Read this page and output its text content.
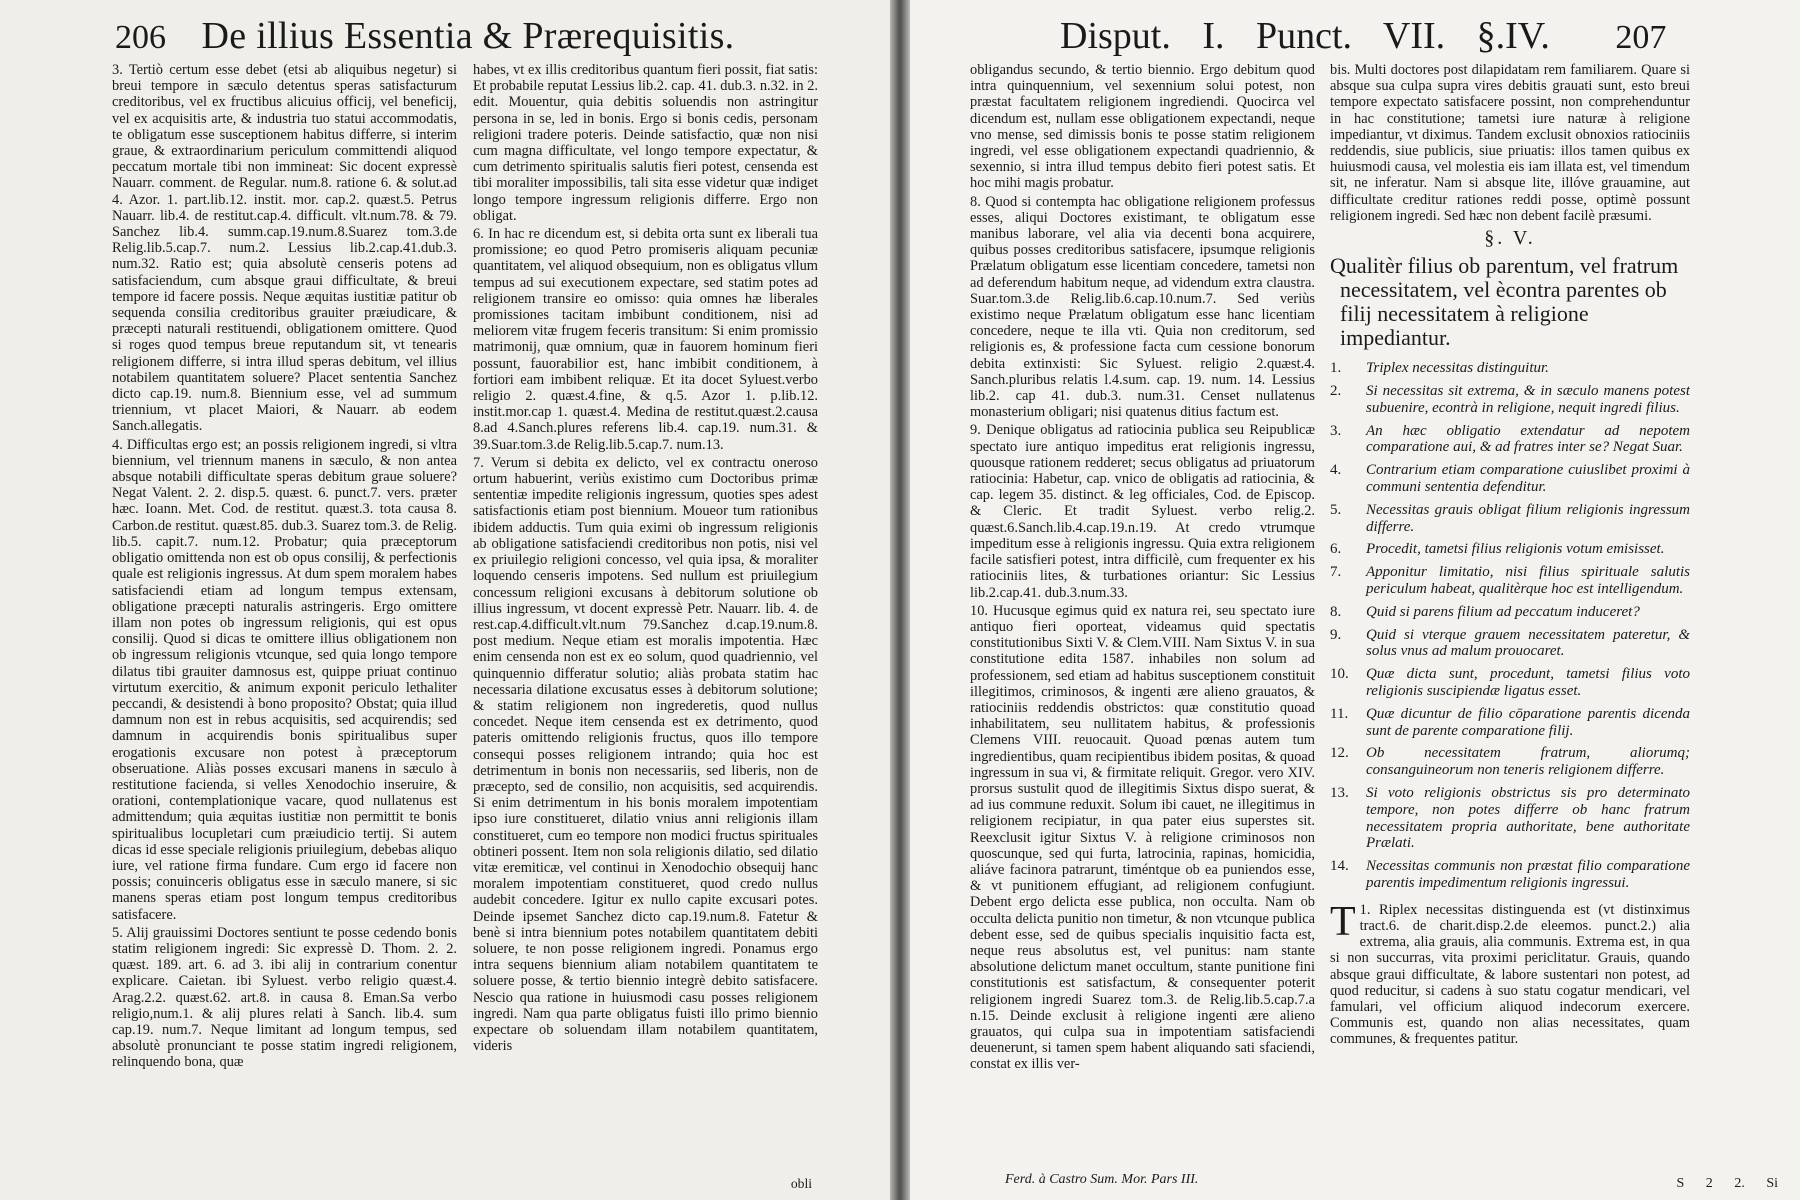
206 De illius Essentia & Prærequisitis.

3. Tertiò certum esse debet (etsi ab aliquibus negetur) si breui tempore in sæculo detentus speras satisfacturum creditoribus, vel ex fructibus alicuius officij, vel beneficij, vel ex acquisitis arte, & industria tuo statui accommodatis, te obligatum esse susceptionem habitus differre, si interim graue, & extraordinarium periculum committendi aliquod peccatum mortale tibi non immineat: Sic docent expressè Nauarr. comment. de Regular. num.8. ratione 6. & solut.ad 4. Azor. 1. part.lib.12. instit. mor. cap.2. quæst.5. Petrus Nauarr. lib.4. de restitut.cap.4. difficult. vlt.num.78. & 79. Sanchez lib.4. summ.cap.19.num.8.Suarez tom.3.de Relig.lib.5.cap.7. num.2. Lessius lib.2.cap.41.dub.3. num.32. Ratio est; quia absolutè censeris potens ad satisfaciendum, cum absque graui difficultate, & breui tempore id facere possis. Neque æquitas iustitiæ patitur ob sequenda consilia creditoribus grauiter præiudicare, & præcepti naturali restituendi, obligationem omittere. Quod si roges quod tempus breue reputandum sit, vt tenearis religionem differre, si intra illud speras debitum, vel illius notabilem quantitatem soluere? Placet sententia Sanchez dicto cap.19. num.8. Biennium esse, vel ad summum triennium, vt placet Maiori, & Nauarr. ab eodem Sanch.allegatis.

4. Difficultas ergo est; an possis religionem ingredi, si vltra biennium, vel triennum manens in sæculo, & non antea absque notabili difficultate speras debitum graue soluere? Negat Valent. 2. 2. disp.5. quæst. 6. punct.7. vers. præter hæc. Ioann. Met. Cod. de restitut. quæst.3. tota causa 8. Carbon.de restitut. quæst.85. dub.3. Suarez tom.3. de Relig. lib.5. capit.7. num.12. Probatur; quia præceptorum obligatio omittenda non est ob opus consilij, & perfectionis quale est religionis ingressus. At dum spem moralem habes satisfaciendi etiam ad longum tempus extensam, obligatione præcepti naturalis astringeris. Ergo omittere illam non potes ob ingressum religionis, qui est opus consilij. Quod si dicas te omittere illius obligationem non ob ingressum religionis vtcunque, sed quia longo tempore dilatus tibi grauiter damnosus est, quippe priuat continuo virtutum exercitio, & animum exponit periculo lethaliter peccandi, & desistendi à bono proposito? Obstat; quia illud damnum non est in rebus acquisitis, sed acquirendis; sed damnum in acquirendis bonis spiritualibus super erogationis excusare non potest à præceptorum obseruatione. Aliàs posses excusari manens in sæculo à restitutione facienda, si velles Xenodochio inseruire, & orationi, contemplationique vacare, quod nullatenus est admittendum; quia æquitas iustitiæ non permittit te bonis spiritualibus locupletari cum præiudicio tertij. Si autem dicas id esse speciale religionis priuilegium, debebas aliquo iure, vel ratione firma fundare. Cum ergo id facere non possis; conuinceris obligatus esse in sæculo manere, si sic manens speras etiam post longum tempus creditoribus satisfacere.

5. Alij grauissimi Doctores sentiunt te posse cedendo bonis statim religionem ingredi: Sic expressè D. Thom. 2. 2. quæst. 189. art. 6. ad 3. ibi alij in contrarium conentur explicare. Caietan. ibi Syluest. verbo religio quæst.4. Arag.2.2. quæst.62. art.8. in causa 8. Eman.Sa verbo religio,num.1. & alij plures relati à Sanch. lib.4. sum cap.19. num.7. Neque limitant ad longum tempus, sed absolutè pronunciant te posse statim ingredi religionem, relinquendo bona, quæ

habes, vt ex illis creditoribus quantum fieri possit, fiat satis: Et probabile reputat Lessius lib.2. cap. 41. dub.3. n.32. in 2. edit. Mouentur, quia debitis soluendis non astringitur persona in se, led in bonis. Ergo si bonis cedis, personam religioni tradere poteris. Deinde satisfactio, quæ non nisi cum magna difficultate, vel longo tempore expectatur, & cum detrimento spiritualis salutis fieri potest, censenda est tibi moraliter impossibilis, tali sita esse videtur quæ indiget longo tempore ingressum religionis differre. Ergo non obligat.

6. In hac re dicendum est, si debita orta sunt ex liberali tua promissione; eo quod Petro promiseris aliquam pecuniæ quantitatem, vel aliquod obsequium, non es obligatus vllum tempus ad sui executionem expectare, sed statim potes ad religionem transire eo omisso: quia omnes hæ liberales promissiones tacitam imbibunt conditionem, nisi ad meliorem vitæ frugem feceris transitum: Si enim promissio matrimonij, quæ omnium, quæ in fauorem hominum fieri possunt, fauorabilior est, hanc imbibit conditionem, à fortiori eam imbibent reliquæ. Et ita docet Syluest.verbo religio 2. quæst.4.fine, & q.5. Azor 1. p.lib.12. instit.mor.cap 1. quæst.4. Medina de restitut.quæst.2.causa 8.ad 4.Sanch.plures referens lib.4. cap.19. num.31. & 39.Suar.tom.3.de Relig.lib.5.cap.7. num.13.

7. Verum si debita ex delicto, vel ex contractu oneroso ortum habuerint, veriùs existimo cum Doctoribus primæ sententiæ impedite religionis ingressum, quoties spes adest satisfactionis etiam post biennium. Moueor tum rationibus ibidem adductis. Tum quia eximi ob ingressum religionis ab obligatione satisfaciendi creditoribus non potis, nisi vel ex priuilegio religioni concesso, vel quia ipsa, & moraliter loquendo censeris impotens. Sed nullum est priuilegium concessum religioni excusans à debitorum solutione ob illius ingressum, vt docent expressè Petr. Nauarr. lib. 4. de rest.cap.4.difficult.vlt.num 79.Sanchez d.cap.19.num.8. post medium. Neque etiam est moralis impotentia. Hæc enim censenda non est ex eo solum, quod quadriennio, vel quinquennio differatur solutio; aliàs probata statim hac necessaria dilatione excusatus esses à debitorum solutione; & statim religionem non ingrederetis, quod nullus concedet. Neque item censenda est ex detrimento, quod pateris omittendo religionis fructus, quos illo tempore consequi posses religionem intrando; quia hoc est detrimentum in bonis non necessariis, sed liberis, non de præcepto, sed de consilio, non acquisitis, sed acquirendis. Si enim detrimentum in his bonis moralem impotentiam ipso iure constitueret, dilatio vnius anni religionis illam constitueret, cum eo tempore non modici fructus spirituales obtineri possent. Item non sola religionis dilatio, sed dilatio vitæ eremiticæ, vel continui in Xenodochio obsequij hanc moralem impotentiam constitueret, quod credo nullus audebit concedere. Igitur ex nullo capite excusari potes. Deinde ipsemet Sanchez dicto cap.19.num.8. Fatetur & benè si intra biennium potes notabilem quantitatem debiti soluere, te non posse religionem ingredi. Ponamus ergo intra sequens biennium aliam notabilem quantitatem te soluere posse, & tertio biennio integrè debito satisfacere. Nescio qua ratione in huiusmodi casu posses religionem ingredi. Nam qua parte obligatus fuisti illo primo biennio expectare ob soluendam illam notabilem quantitatem, videris

obli
Disput. I. Punct. VII. §.IV. 207

obligandus secundo, & tertio biennio. Ergo debitum quod intra quinquennium, vel sexennium solui potest, non præstat facultatem religionem ingrediendi. Quocirca vel dicendum est, nullam esse obligationem expectandi, neque vno mense, sed dimissis bonis te posse statim religionem ingredi, vel esse obligationem expectandi quadriennio, & sexennio, si intra illud tempus debito fieri potest satis. Et hoc mihi magis probatur.

8. Quod si contempta hac obligatione religionem professus esses, aliqui Doctores existimant, te obligatum esse manibus laborare, vel alia via decenti bona acquirere, quibus posses creditoribus satisfacere, ipsumque religionis Prælatum obligatum esse licentiam concedere, tametsi non ad deferendum habitum neque, ad videndum extra claustra. Suar.tom.3.de Relig.lib.6.cap.10.num.7. Sed veriùs existimo neque Prælatum obligatum esse hanc licentiam concedere, neque te illa vti. Quia non creditorum, sed religionis es, & professione facta cum cessione bonorum debita extinxisti: Sic Syluest. religio 2.quæst.4. Sanch.pluribus relatis l.4.sum. cap. 19. num. 14. Lessius lib.2. cap 41. dub.3. num.31. Censet nullatenus monasterium obligari; nisi quatenus ditius factum est.

9. Denique obligatus ad ratiocinia publica seu Reipublicæ spectato iure antiquo impeditus erat religionis ingressu, quousque rationem redderet; secus obligatus ad priuatorum ratiocinia: Habetur, cap. vnico de obligatis ad ratiocinia, & cap. legem 35. distinct. & leg officiales, Cod. de Episcop. & Cleric. Et tradit Syluest. verbo relig.2. quæst.6.Sanch.lib.4.cap.19.n.19. At credo vtrumque impeditum esse à religionis ingressu. Quia extra religionem facile satisfieri potest, intra difficilè, cum frequenter ex his ratiociniis lites, & turbationes oriantur: Sic Lessius lib.2.cap.41. dub.3.num.33.

10. Hucusque egimus quid ex natura rei, seu spectato iure antiquo fieri oporteat, videamus quid spectatis constitutionibus Sixti V. & Clem.VIII. Nam Sixtus V. in sua constitutione edita 1587. inhabiles non solum ad professionem, sed etiam ad habitus susceptionem constituit illegitimos, criminosos, & ingenti ære alieno grauatos, & ratiociniis reddendis obstrictos: quæ constitutio quoad inhabilitatem, seu nullitatem habitus, & professionis Clemens VIII. reuocauit. Quoad pœnas autem tum ingredientibus, quam recipientibus ibidem positas, & quoad ingressum in sua vi, & firmitate reliquit. Gregor. vero XIV. prorsus sustulit quod de illegitimis Sixtus dispo suerat, & ad ius commune reduxit. Solum ibi cauet, ne illegitimus in religionem recipiatur, in qua pater eius superstes sit. Reexclusit igitur Sixtus V. à religione criminosos non quoscunque, sed qui furta, latrocinia, rapinas, homicidia, aliáve facinora patrarunt, timéntque ob ea puniendos esse, & vt punitionem effugiant, ad religionem confugiunt. Debent ergo delicta esse publica, non occulta. Nam ob occulta delicta punitio non timetur, & non vtcunque publica debent esse, sed de quibus specialis inquisitio facta est, neque reus absolutus est, vel punitus: nam stante absolutione delictum manet occultum, stante punitione fini constitutionis est satisfactum, & consequenter poterit religionem ingredi Suarez tom.3. de Relig.lib.5.cap.7.a n.15. Deinde exclusit à religione ingenti ære alieno grauatos, qui culpa sua in impotentiam satisfaciendi deuenerunt, si tamen spem habent aliquando sati sfaciendi, constat ex illis ver-

bis. Multi doctores post dilapidatam rem familiarem. Quare si absque sua culpa supra vires debitis grauati sunt, esto breui tempore expectato satisfacere possint, non comprehenduntur in hac constitutione; tametsi iure naturæ à religione impediantur, vt diximus. Tandem exclusit obnoxios ratiociniis reddendis, siue publicis, siue priuatis: illos tamen quibus ex huiusmodi causa, vel molestia eis iam illata est, vel timendum sit, ne inferatur. Nam si absque lite, illóve grauamine, aut difficultate creditur rationes reddi posse, optimè possunt religionem ingredi. Sed hæc non debent facilè præsumi.

§. V.
Qualitèr filius ob parentum, vel fratrum necessitatem, vel ècontra parentes ob filij necessitatem à religione impediantur.
1. Triplex necessitas distinguitur.
2. Si necessitas sit extrema, & in sæculo manens potest subuenire, econtrà in religione, nequit ingredi filius.
3. An hæc obligatio extendatur ad nepotem comparatione aui, & ad fratres inter se? Negat Suar.
4. Contrarium etiam comparatione cuiuslibet proximi à communi sententia defenditur.
5. Necessitas grauis obligat filium religionis ingressum differre.
6. Procedit, tametsi filius religionis votum emisisset.
7. Apponitur limitatio, nisi filius spirituale salutis periculum habeat, qualitèrque hoc est intelligendum.
8. Quid si parens filium ad peccatum induceret?
9. Quid si vterque grauem necessitatem pateretur, & solus vnus ad malum prouocaret.
10. Quæ dicta sunt, procedunt, tametsi filius voto religionis suscipiendæ ligatus esset.
11. Quæ dicuntur de filio cōparatione parentis dicenda sunt de parente comparatione filij.
12. Ob necessitatem fratrum, aliorumq; consanguineorum non teneris religionem differre.
13. Si voto religionis obstrictus sis pro determinato tempore, non potes differre ob hanc fratrum necessitatem propria authoritate, bene authoritate Prælati.
14. Necessitas communis non præstat filio comparatione parentis impedimentum religionis ingressui.

1.
T Riplex necessitas distinguenda est (vt distinximus tract.6. de charit.disp.2.de eleemos. punct.2.) alia extrema, alia grauis, alia communis. Extrema est, in qua si non succurras, vita proximi periclitatur. Grauis, quando absque graui difficultate, & labore sustentari non potest, ad quod reducitur, si cadens à suo statu cogatur mendicari, vel famulari, vel officium aliquod indecorum exercere. Communis est, quando non alias necessitates, quam communes, & frequentes patitur.

Ferd. à Castro Sum. Mor. Pars III.	S 2 2. Si
